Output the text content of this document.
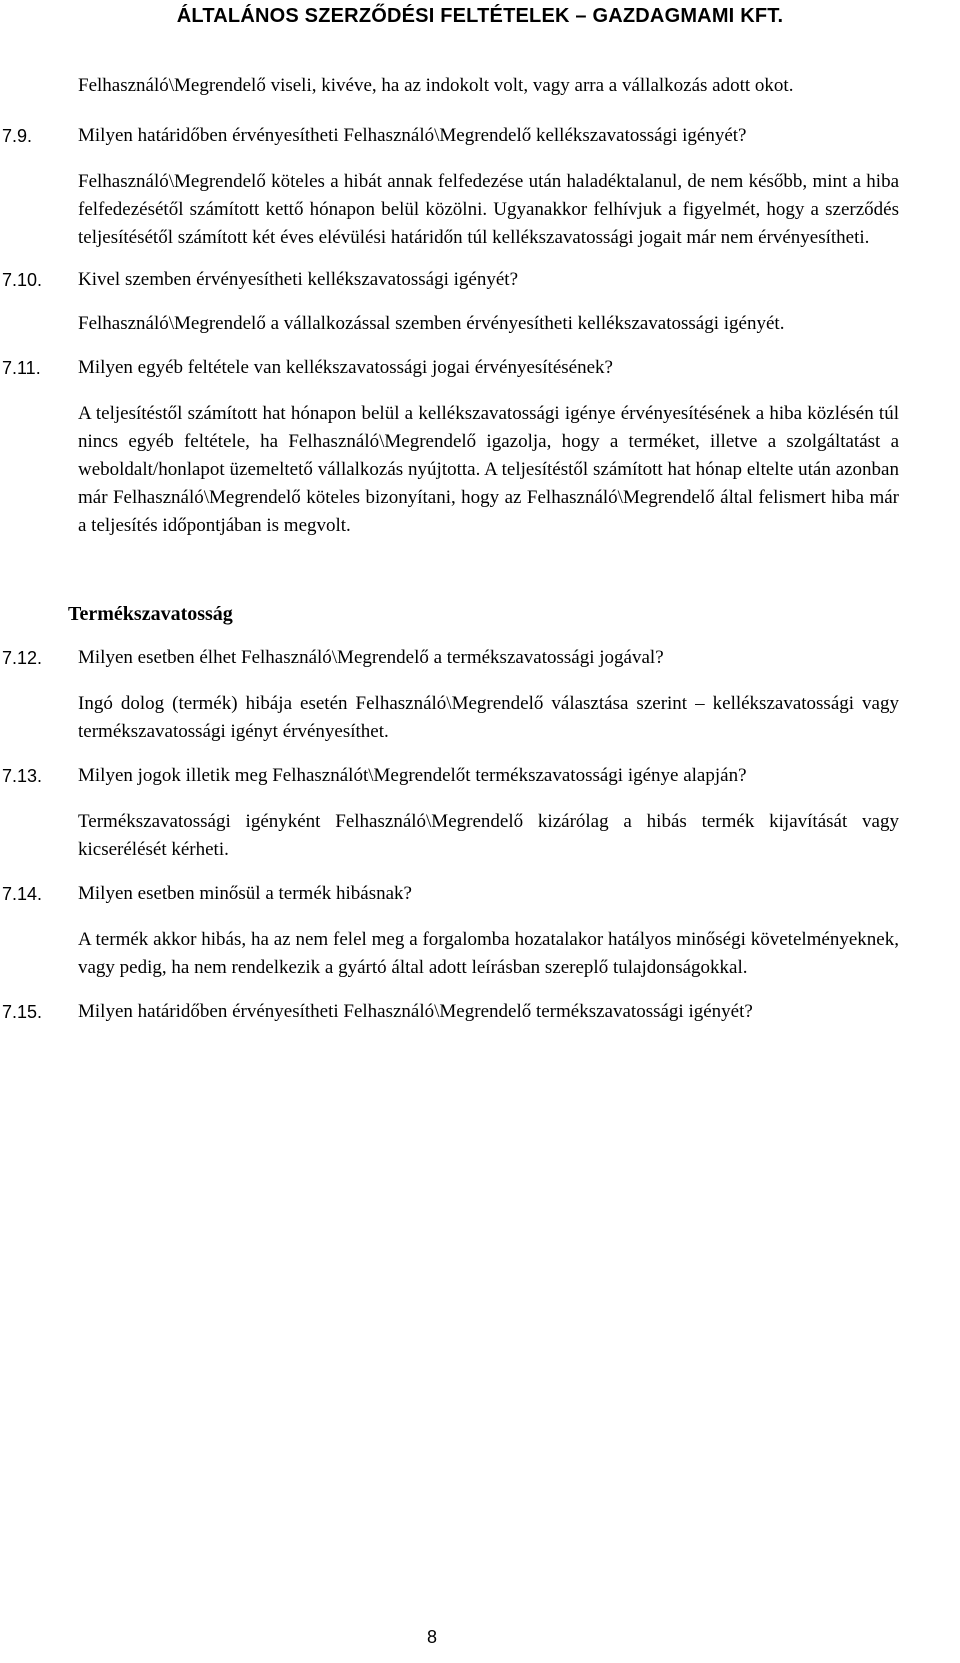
ÁLTALÁNOS SZERZŐDÉSI FELTÉTELEK – GAZDAGMAMI KFT.
Felhasználó\Megrendelő viseli, kivéve, ha az indokolt volt, vagy arra a vállalkozás adott okot.
7.9. Milyen határidőben érvényesítheti Felhasználó\Megrendelő kellékszavatossági igényét?
Felhasználó\Megrendelő köteles a hibát annak felfedezése után haladéktalanul, de nem később, mint a hiba felfedezésétől számított kettő hónapon belül közölni. Ugyanakkor felhívjuk a figyelmét, hogy a szerződés teljesítésétől számított két éves elévülési határidőn túl kellékszavatossági jogait már nem érvényesítheti.
7.10. Kivel szemben érvényesítheti kellékszavatossági igényét?
Felhasználó\Megrendelő a vállalkozással szemben érvényesítheti kellékszavatossági igényét.
7.11. Milyen egyéb feltétele van kellékszavatossági jogai érvényesítésének?
A teljesítéstől számított hat hónapon belül a kellékszavatossági igénye érvényesítésének a hiba közlésén túl nincs egyéb feltétele, ha Felhasználó\Megrendelő igazolja, hogy a terméket, illetve a szolgáltatást a weboldalt/honlapot üzemeltető vállalkozás nyújtotta. A teljesítéstől számított hat hónap eltelte után azonban már Felhasználó\Megrendelő köteles bizonyítani, hogy az Felhasználó\Megrendelő által felismert hiba már a teljesítés időpontjában is megvolt.
Termékszavatosság
7.12. Milyen esetben élhet Felhasználó\Megrendelő a termékszavatossági jogával?
Ingó dolog (termék) hibája esetén Felhasználó\Megrendelő választása szerint – kellékszavatossági vagy termékszavatossági igényt érvényesíthet.
7.13. Milyen jogok illetik meg Felhasználót\Megrendelőt termékszavatossági igénye alapján?
Termékszavatossági igényként Felhasználó\Megrendelő kizárólag a hibás termék kijavítását vagy kicserélését kérheti.
7.14. Milyen esetben minősül a termék hibásnak?
A termék akkor hibás, ha az nem felel meg a forgalomba hozatalakor hatályos minőségi követelményeknek, vagy pedig, ha nem rendelkezik a gyártó által adott leírásban szereplő tulajdonságokkal.
7.15. Milyen határidőben érvényesítheti Felhasználó\Megrendelő termékszavatossági igényét?
8
